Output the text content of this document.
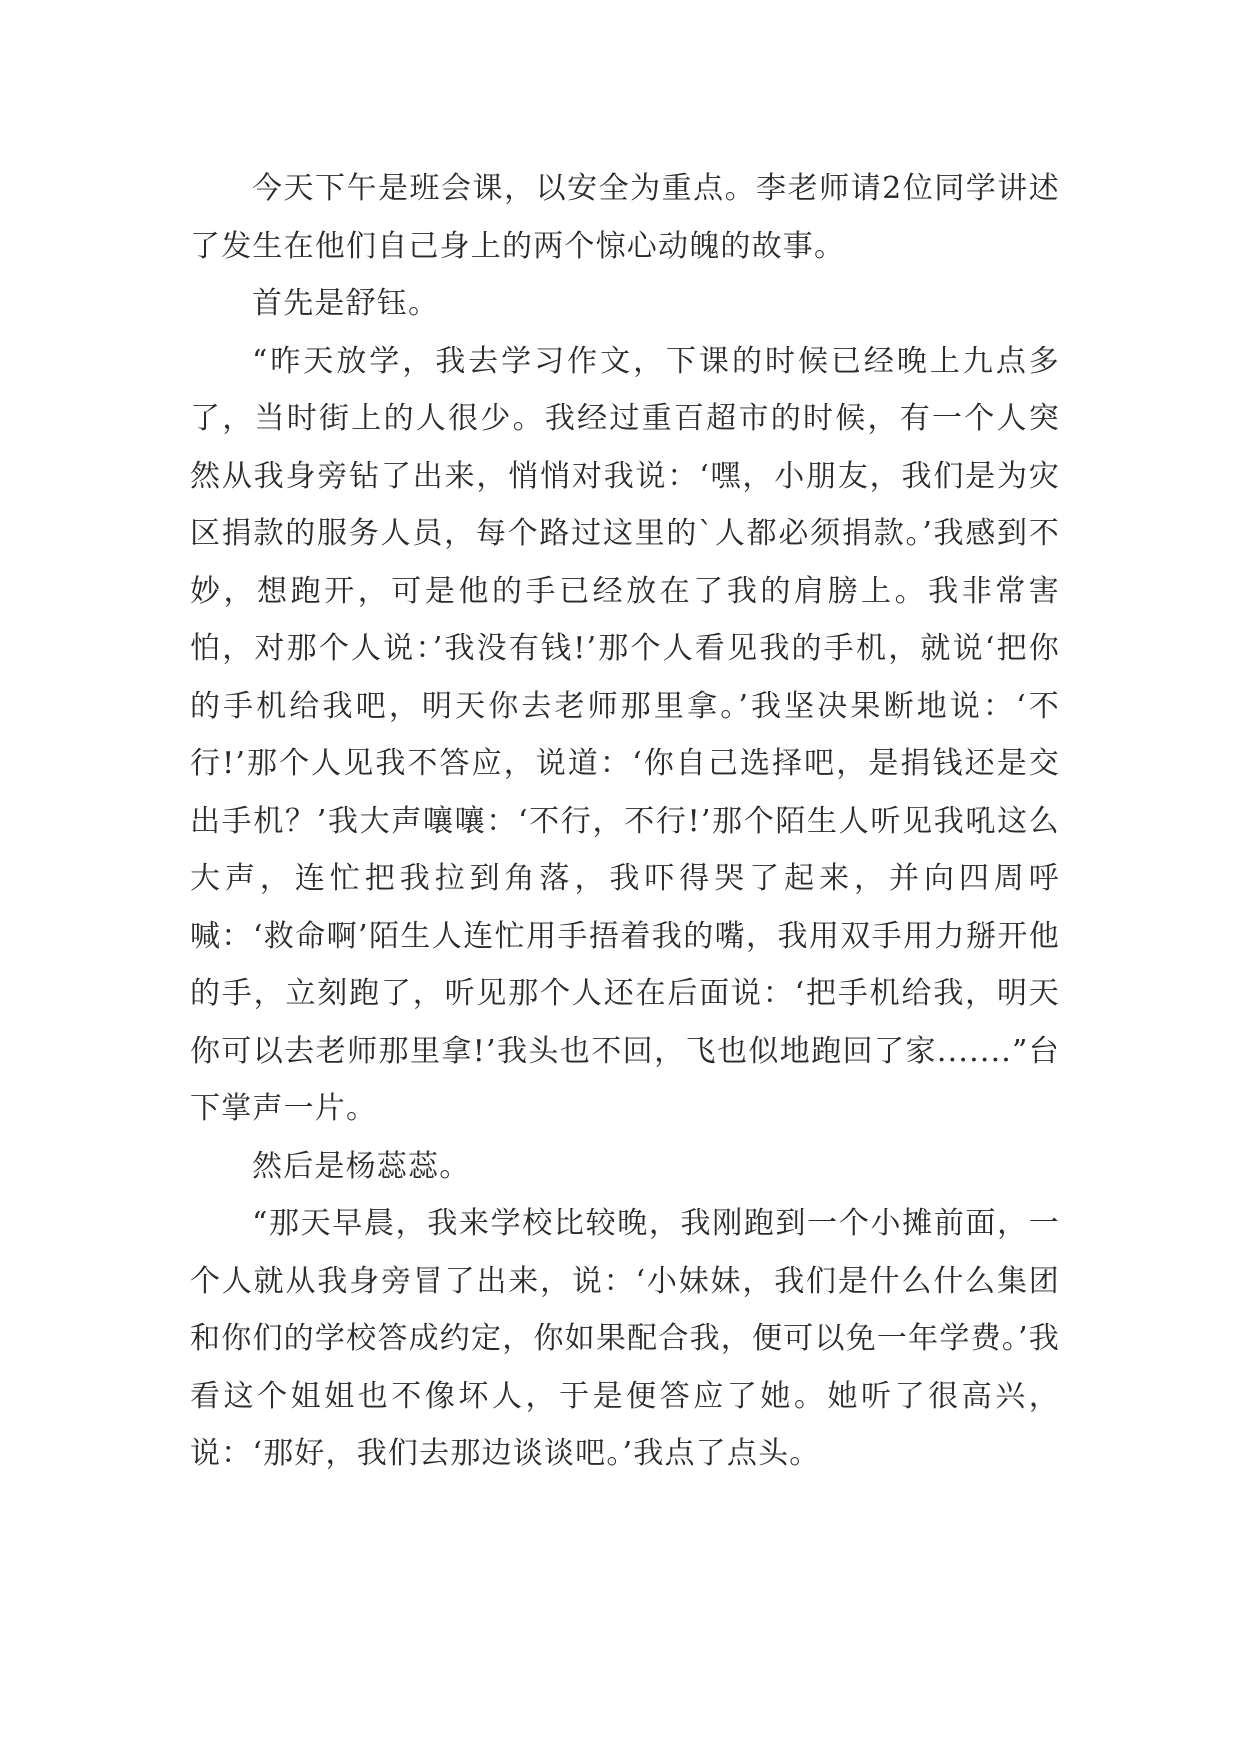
今天下午是班会课，以安全为重点。李老师请2位同学讲述了发生在他们自己身上的两个惊心动魄的故事。

首先是舒钰。

“昨天放学，我去学习作文，下课的时候已经晚上九点多了，当时街上的人很少。我经过重百超市的时候，有一个人突然从我身旁钻了出来，悄悄对我说：‘嘿，小朋友，我们是为灾区捐款的服务人员，每个路过这里的`人都必须捐款。’我感到不妙，想跑开，可是他的手已经放在了我的肩膀上。我非常害怕，对那个人说：’我没有钱!’那个人看见我的手机，就说‘把你的手机给我吧，明天你去老师那里拿。’我坚决果断地说：‘不行!’那个人见我不答应，说道：‘你自己选择吧，是捐钱还是交出手机？’我大声嚷嚷：‘不行，不行!’那个陌生人听见我吼这么大声，连忙把我拉到角落，我吓得哭了起来，并向四周呼喊：‘救命啊’陌生人连忙用手捂着我的嘴，我用双手用力掰开他的手，立刻跑了，听见那个人还在后面说：‘把手机给我，明天你可以去老师那里拿!’我头也不回，飞也似地跑回了家.......”台下掌声一片。

然后是杨蕊蕊。

“那天早晨，我来学校比较晚，我刚跑到一个小摊前面，一个人就从我身旁冒了出来，说：‘小妹妹，我们是什么什么集团和你们的学校答成约定，你如果配合我，便可以免一年学费。’我看这个姐姐也不像坏人，于是便答应了她。她听了很高兴，说：‘那好，我们去那边谈谈吧。’我点了点头。
